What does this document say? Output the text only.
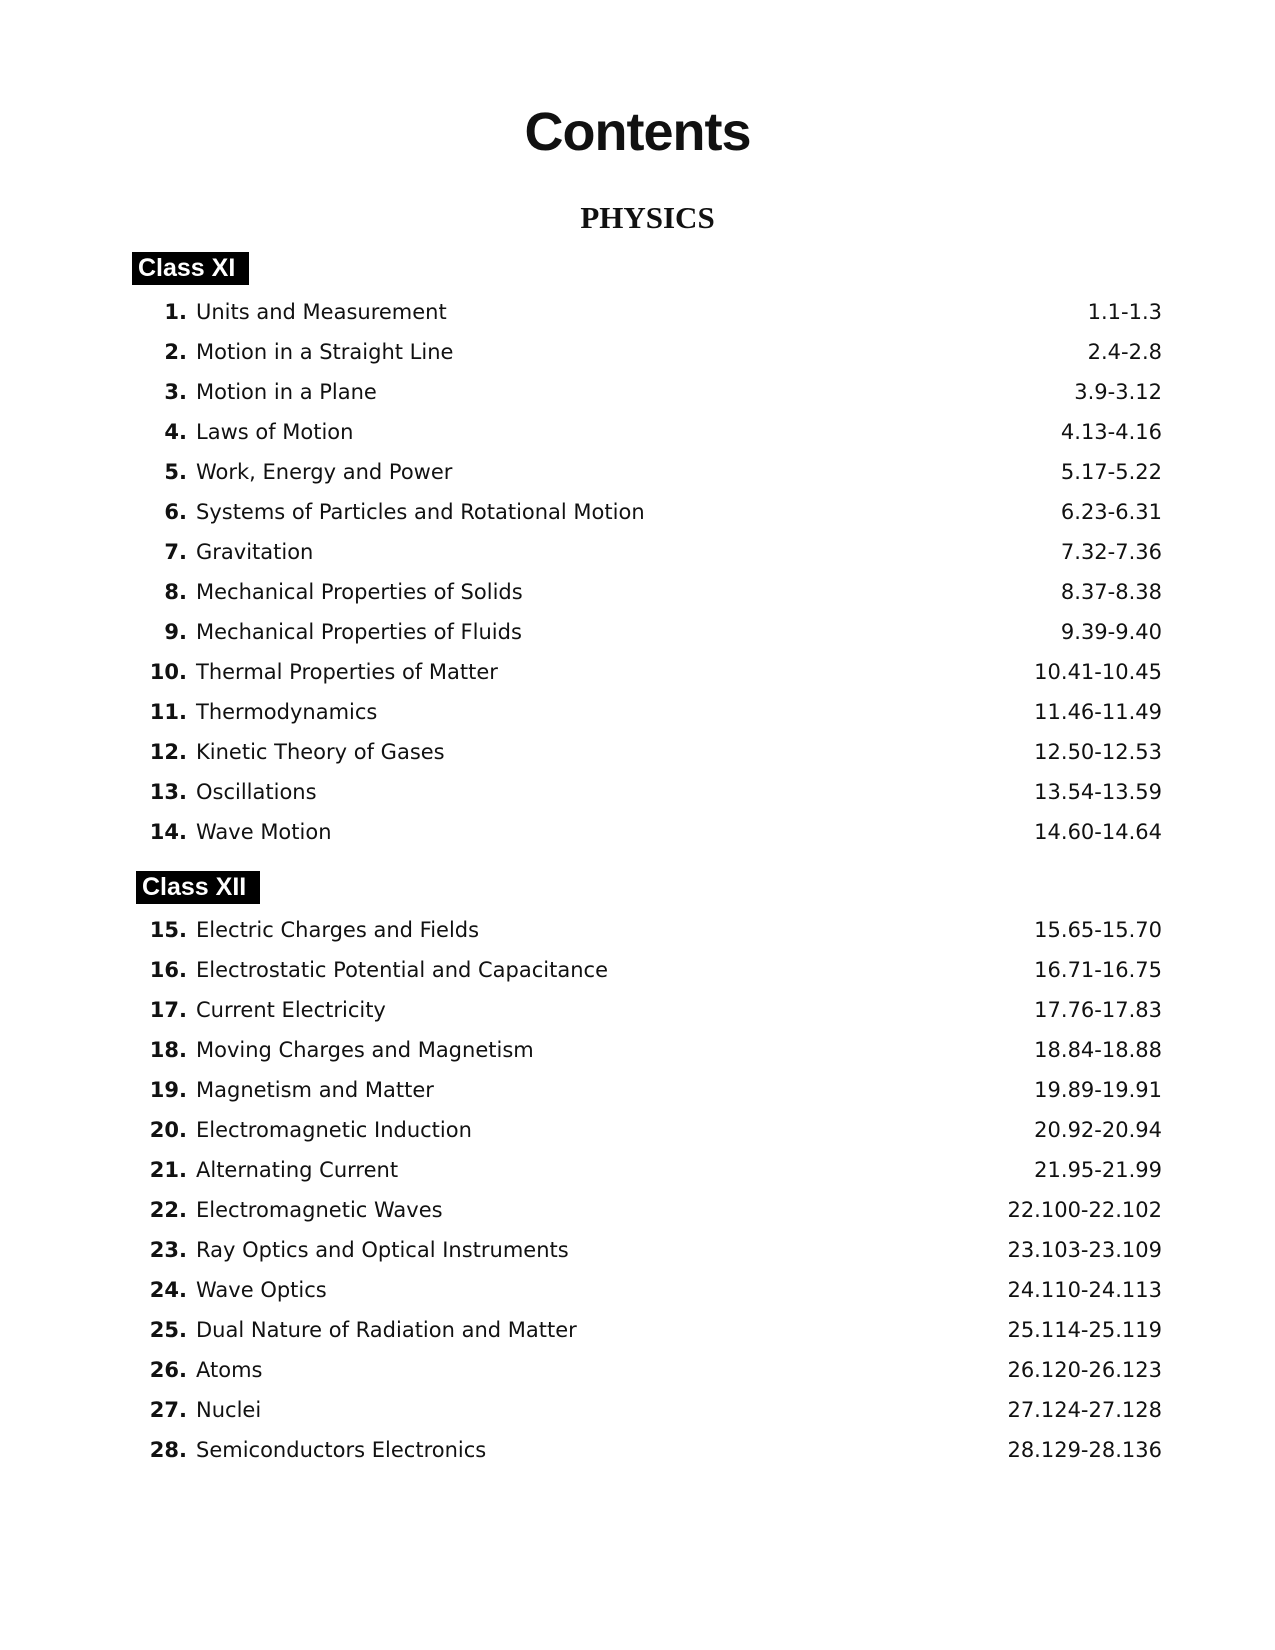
Contents
PHYSICS
Class XI
1. Units and Measurement	1.1-1.3
2. Motion in a Straight Line	2.4-2.8
3. Motion in a Plane	3.9-3.12
4. Laws of Motion	4.13-4.16
5. Work, Energy and Power	5.17-5.22
6. Systems of Particles and Rotational Motion	6.23-6.31
7. Gravitation	7.32-7.36
8. Mechanical Properties of Solids	8.37-8.38
9. Mechanical Properties of Fluids	9.39-9.40
10. Thermal Properties of Matter	10.41-10.45
11. Thermodynamics	11.46-11.49
12. Kinetic Theory of Gases	12.50-12.53
13. Oscillations	13.54-13.59
14. Wave Motion	14.60-14.64
Class XII
15. Electric Charges and Fields	15.65-15.70
16. Electrostatic Potential and Capacitance	16.71-16.75
17. Current Electricity	17.76-17.83
18. Moving Charges and Magnetism	18.84-18.88
19. Magnetism and Matter	19.89-19.91
20. Electromagnetic Induction	20.92-20.94
21. Alternating Current	21.95-21.99
22. Electromagnetic Waves	22.100-22.102
23. Ray Optics and Optical Instruments	23.103-23.109
24. Wave Optics	24.110-24.113
25. Dual Nature of Radiation and Matter	25.114-25.119
26. Atoms	26.120-26.123
27. Nuclei	27.124-27.128
28. Semiconductors Electronics	28.129-28.136
